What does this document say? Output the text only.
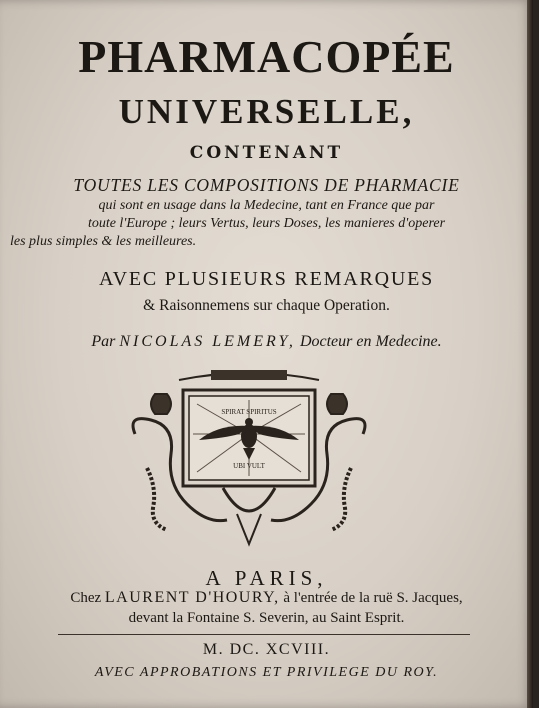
PHARMACOPÉE
UNIVERSELLE,
CONTENANT
TOUTES LES COMPOSITIONS DE PHARMACIE
qui sont en usage dans la Medecine, tant en France que par
toute l'Europe ; leurs Vertus, leurs Doses, les manieres d'operer
les plus simples & les meilleures.
AVEC PLUSIEURS REMARQUES
& Raisonnemens sur chaque Operation.
Par NICOLAS LEMERY, Docteur en Medecine.
SPIRAT SPIRITUS
UBI VULT
A PARIS,
Chez LAURENT D'HOURY, à l'entrée de la ruë S. Jacques,
devant la Fontaine S. Severin, au Saint Esprit.
M. DC. XCVIII.
AVEC APPROBATIONS ET PRIVILEGE DU ROY.
